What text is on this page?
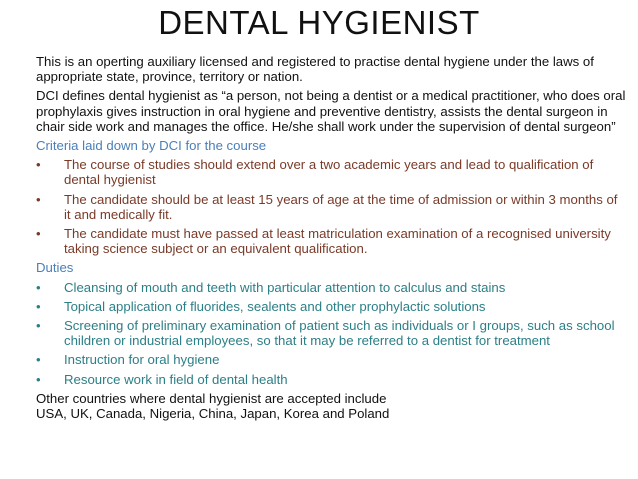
DENTAL HYGIENIST

This is an operting auxiliary licensed and registered to practise dental hygiene under the laws of appropriate state, province, territory or nation.

DCI defines dental hygienist as “a person, not being a dentist or a medical practitioner, who does oral prophylaxis gives instruction in oral hygiene and preventive dentistry, assists the dental surgeon in chair side work and manages the office. He/she shall work under the supervision of dental surgeon”

Criteria laid down by DCI for the course
•	The course of studies should extend over a two academic years and lead to qualification of dental hygienist
•	The candidate should be at least 15 years of age at the time of admission or within 3 months of it and medically fit.
•	The candidate must have passed at least matriculation examination of a recognised university taking science subject or an equivalent qualification.
Duties
•	Cleansing of mouth and teeth with particular attention to calculus and stains
•	Topical application of fluorides, sealents and other prophylactic solutions
•	Screening of preliminary examination of patient such as individuals or I groups, such as school children or industrial employees, so that it may be referred to a dentist for treatment
•	Instruction for oral hygiene
•	Resource work in field of dental health
Other countries where dental hygienist are accepted include
USA, UK, Canada, Nigeria, China, Japan, Korea and Poland
